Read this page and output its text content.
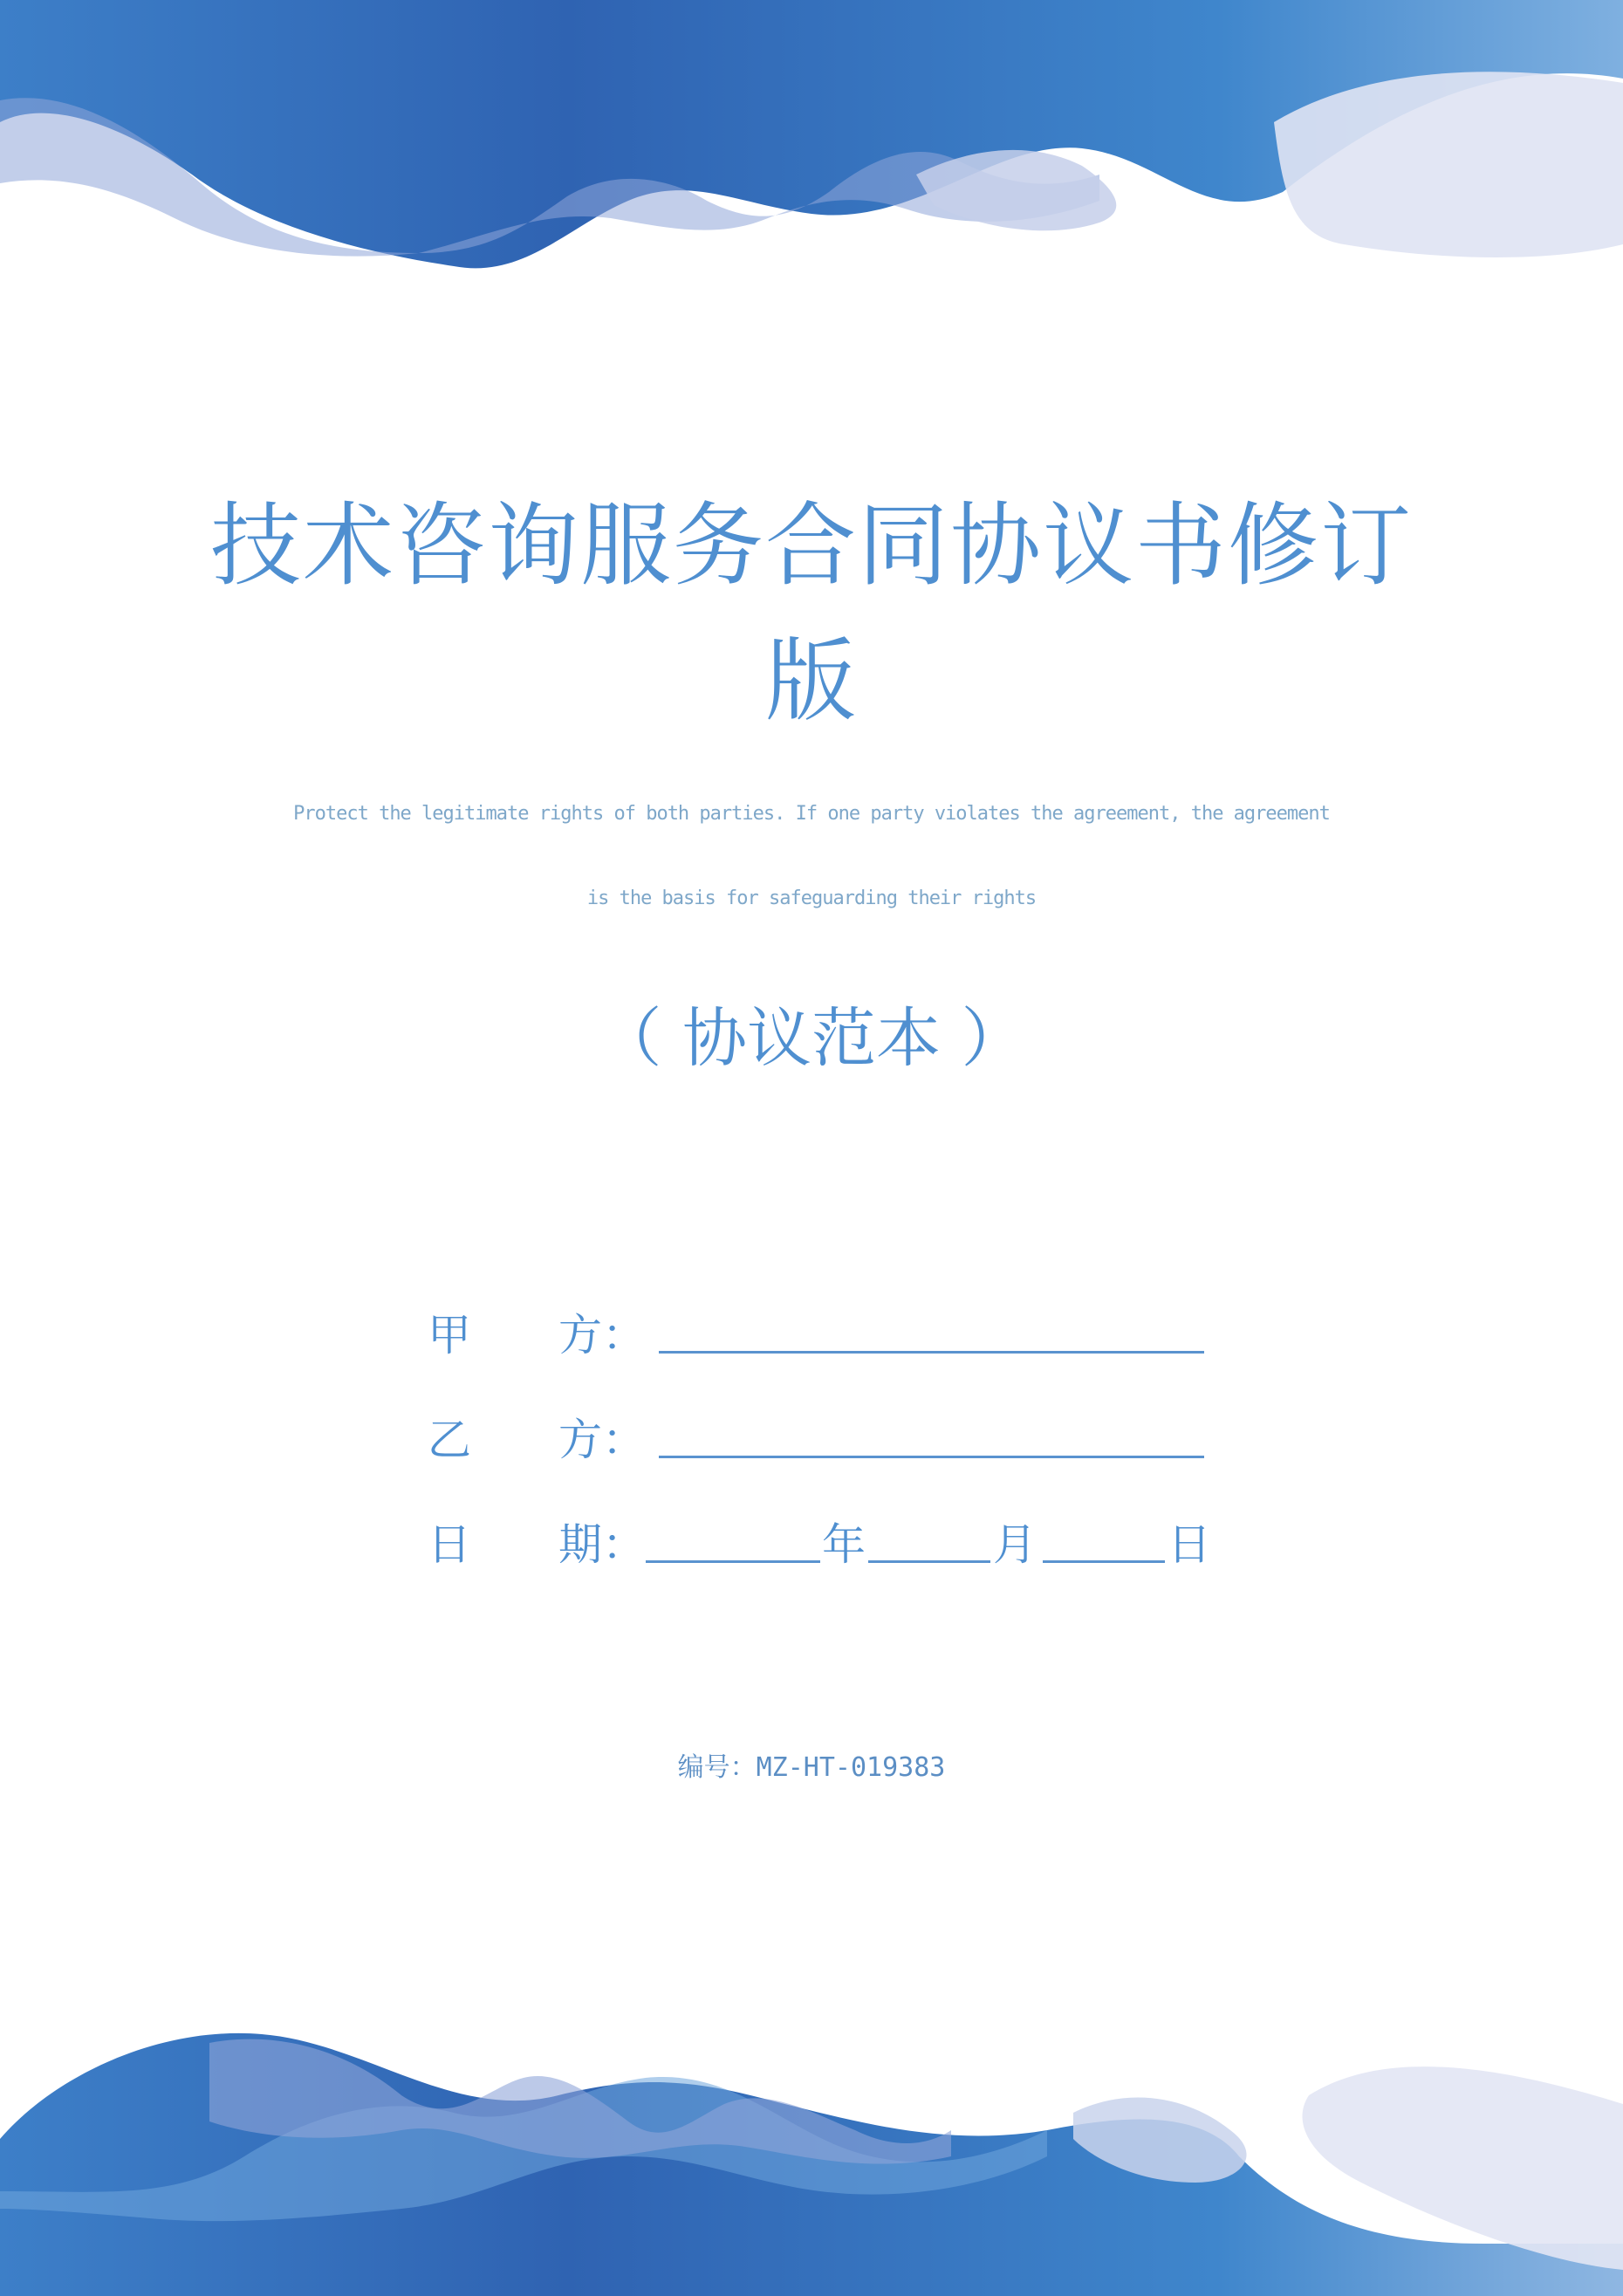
技术咨询服务合同协议书修订
版
Protect the legitimate rights of both parties. If one party violates the agreement, the agreement
is the basis for safeguarding their rights
（ 协议范本 ）
甲 方：
乙 方：
日 期：	年	月	日
编号：MZ-HT-019383
